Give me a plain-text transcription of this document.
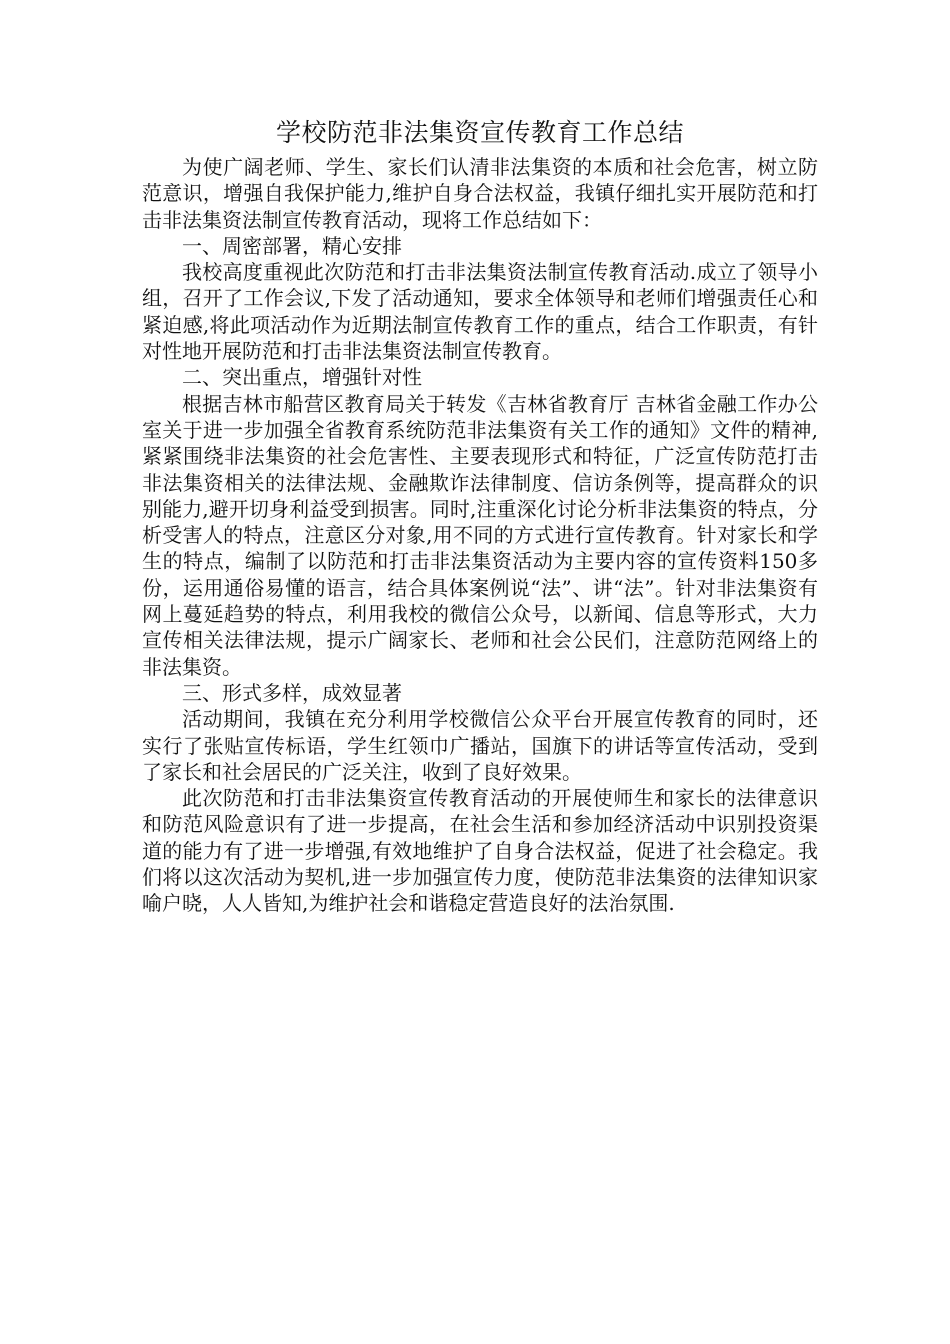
学校防范非法集资宣传教育工作总结

为使广阔老师、学生、家长们认清非法集资的本质和社会危害，树立防范意识，增强自我保护能力,维护自身合法权益，我镇仔细扎实开展防范和打击非法集资法制宣传教育活动，现将工作总结如下：

一、周密部署，精心安排

我校高度重视此次防范和打击非法集资法制宣传教育活动.成立了领导小组，召开了工作会议,下发了活动通知，要求全体领导和老师们增强责任心和紧迫感,将此项活动作为近期法制宣传教育工作的重点，结合工作职责，有针对性地开展防范和打击非法集资法制宣传教育。

二、突出重点，增强针对性

根据吉林市船营区教育局关于转发《吉林省教育厅 吉林省金融工作办公室关于进一步加强全省教育系统防范非法集资有关工作的通知》文件的精神,紧紧围绕非法集资的社会危害性、主要表现形式和特征，广泛宣传防范打击非法集资相关的法律法规、金融欺诈法律制度、信访条例等，提高群众的识别能力,避开切身利益受到损害。同时,注重深化讨论分析非法集资的特点，分析受害人的特点，注意区分对象,用不同的方式进行宣传教育。针对家长和学生的特点，编制了以防范和打击非法集资活动为主要内容的宣传资料150多份，运用通俗易懂的语言，结合具体案例说“法”、讲“法”。针对非法集资有网上蔓延趋势的特点，利用我校的微信公众号，以新闻、信息等形式，大力宣传相关法律法规，提示广阔家长、老师和社会公民们，注意防范网络上的非法集资。

三、形式多样，成效显著

活动期间，我镇在充分利用学校微信公众平台开展宣传教育的同时，还实行了张贴宣传标语，学生红领巾广播站，国旗下的讲话等宣传活动，受到了家长和社会居民的广泛关注，收到了良好效果。

此次防范和打击非法集资宣传教育活动的开展使师生和家长的法律意识和防范风险意识有了进一步提高，在社会生活和参加经济活动中识别投资渠道的能力有了进一步增强,有效地维护了自身合法权益，促进了社会稳定。我们将以这次活动为契机,进一步加强宣传力度，使防范非法集资的法律知识家喻户晓，人人皆知,为维护社会和谐稳定营造良好的法治氛围.
